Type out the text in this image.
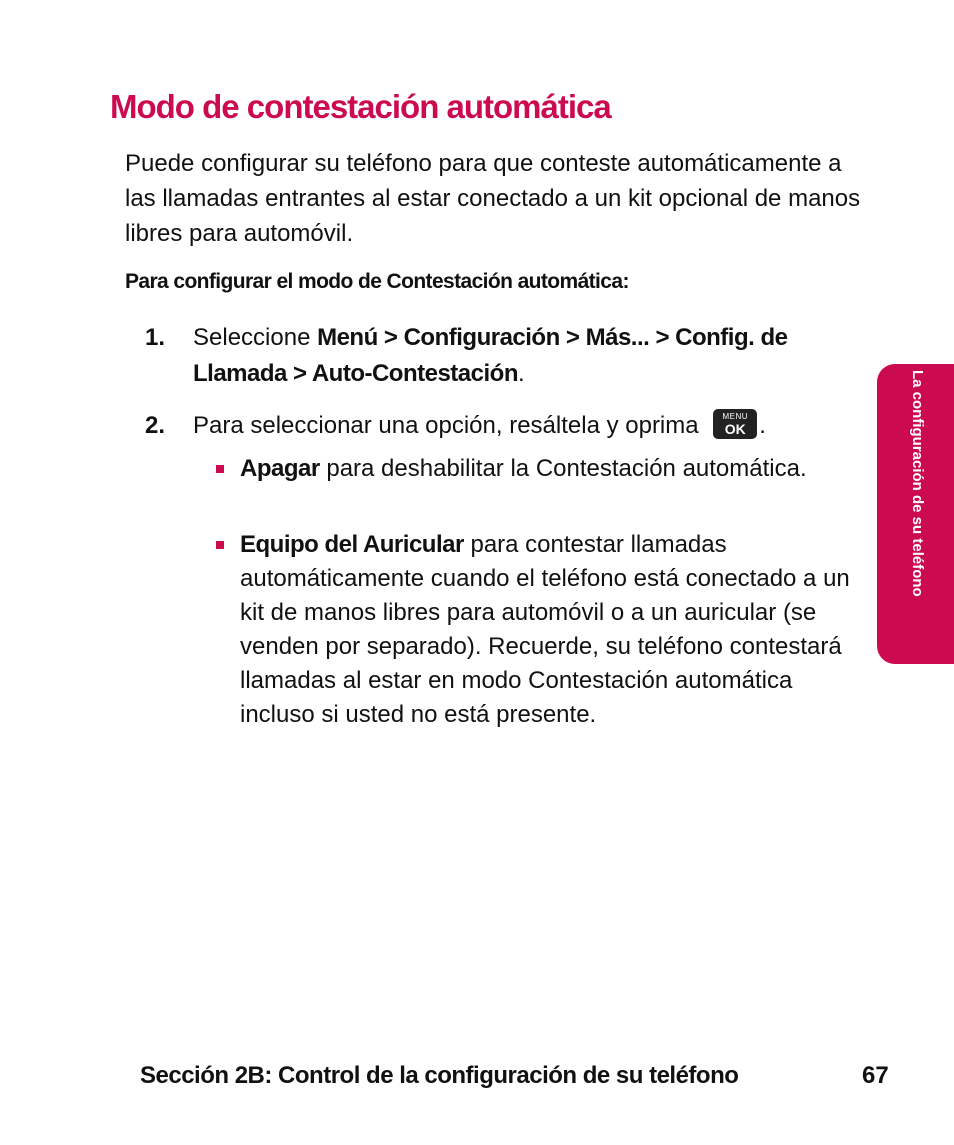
Modo de contestación automática

Puede configurar su teléfono para que conteste automáticamente a las llamadas entrantes al estar conectado a un kit opcional de manos libres para automóvil.

Para configurar el modo de Contestación automática:

1. Seleccione Menú > Configuración > Más... > Config. de Llamada > Auto-Contestación.
2. Para seleccionar una opción, resáltela y oprima	MENU
OK .
Apagar para deshabilitar la Contestación automática.
Equipo del Auricular para contestar llamadas automáticamente cuando el teléfono está conectado a un kit de manos libres para automóvil o a un auricular (se venden por separado). Recuerde, su teléfono contestará llamadas al estar en modo Contestación automática incluso si usted no está presente.
La configuración de su teléfono
Sección 2B: Control de la configuración de su teléfono	67
